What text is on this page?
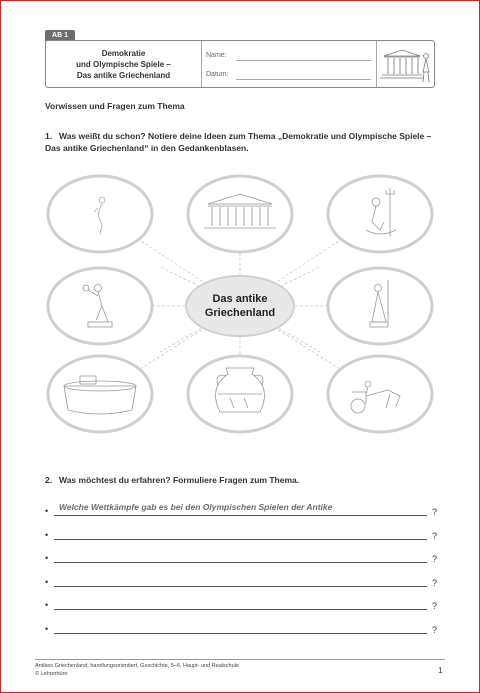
AB 1
Demokratie
und Olympische Spiele –
Das antike Griechenland
Name:
Datum:
Vorwissen und Fragen zum Thema
1. Was weißt du schon? Notiere deine Ideen zum Thema „Demokratie und Olympische Spiele – Das antike Griechenland“ in den Gedankenblasen.
Das antike
Griechenland
2. Was möchtest du erfahren? Formuliere Fragen zum Thema.
• Welche Wettkämpfe gab es bei den Olympischen Spielen der Antike	?
•	?
•	?
•	?
•	?
•	?
Antikes Griechenland, handlungsorientiert, Geschichte, 5–6, Haupt- und Realschule
© Lehrerbüro	1
